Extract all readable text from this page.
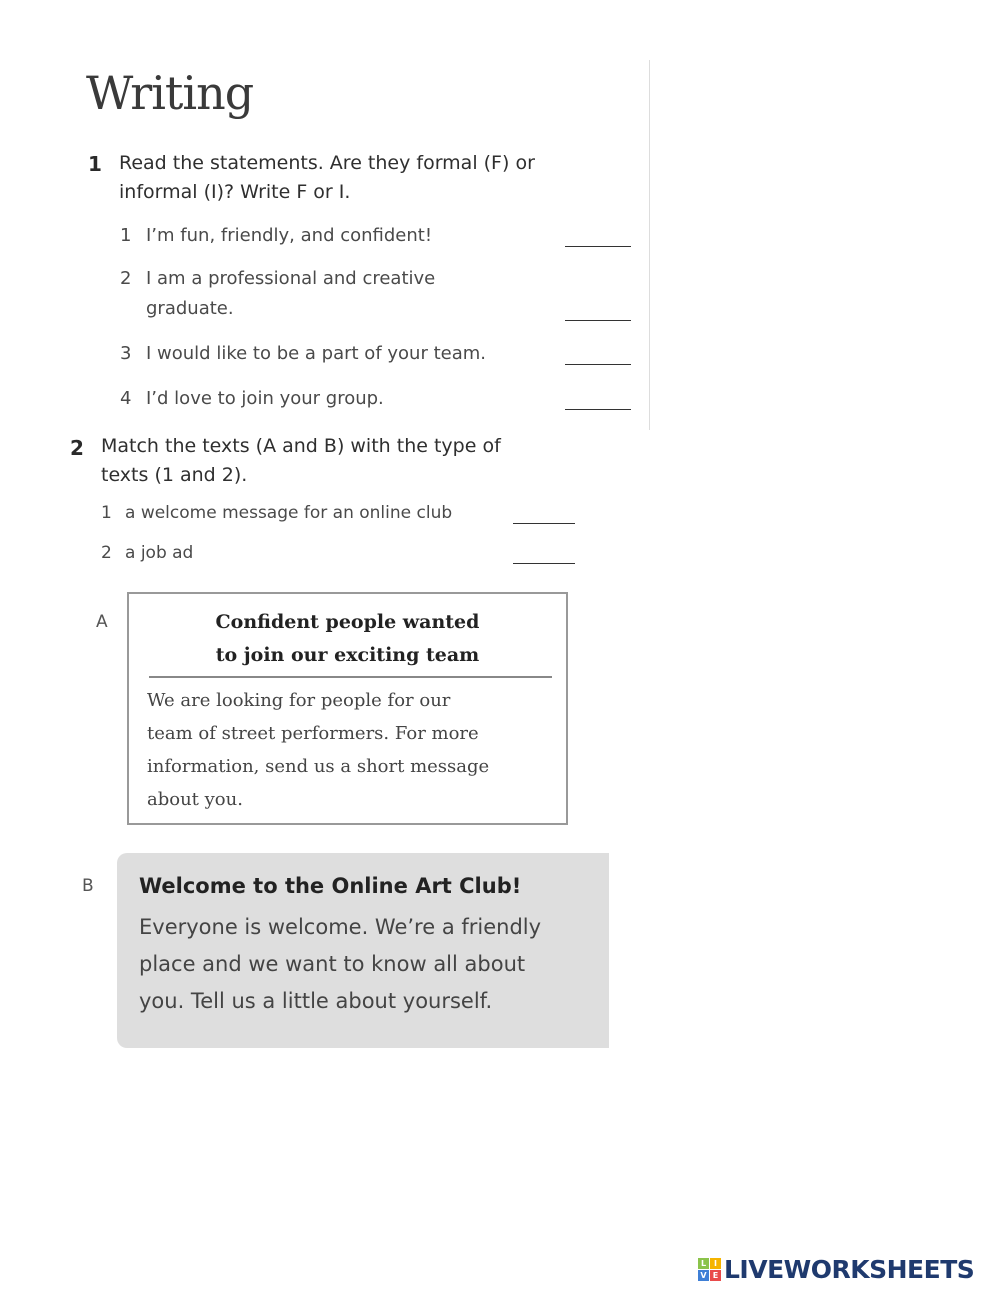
Writing
1 Read the statements. Are they formal (F) or
informal (I)? Write F or I.
1 I’m fun, friendly, and confident!
2 I am a professional and creative
graduate.
3 I would like to be a part of your team.
4 I’d love to join your group.
2 Match the texts (A and B) with the type of
texts (1 and 2).
1 a welcome message for an online club
2 a job ad
A	Confident people wanted
to join our exciting team
We are looking for people for our
team of street performers. For more
information, send us a short message
about you.
B Welcome to the Online Art Club!
Everyone is welcome. We’re a friendly
place and we want to know all about
you. Tell us a little about yourself.
L I
V E LIVEWORKSHEETS
